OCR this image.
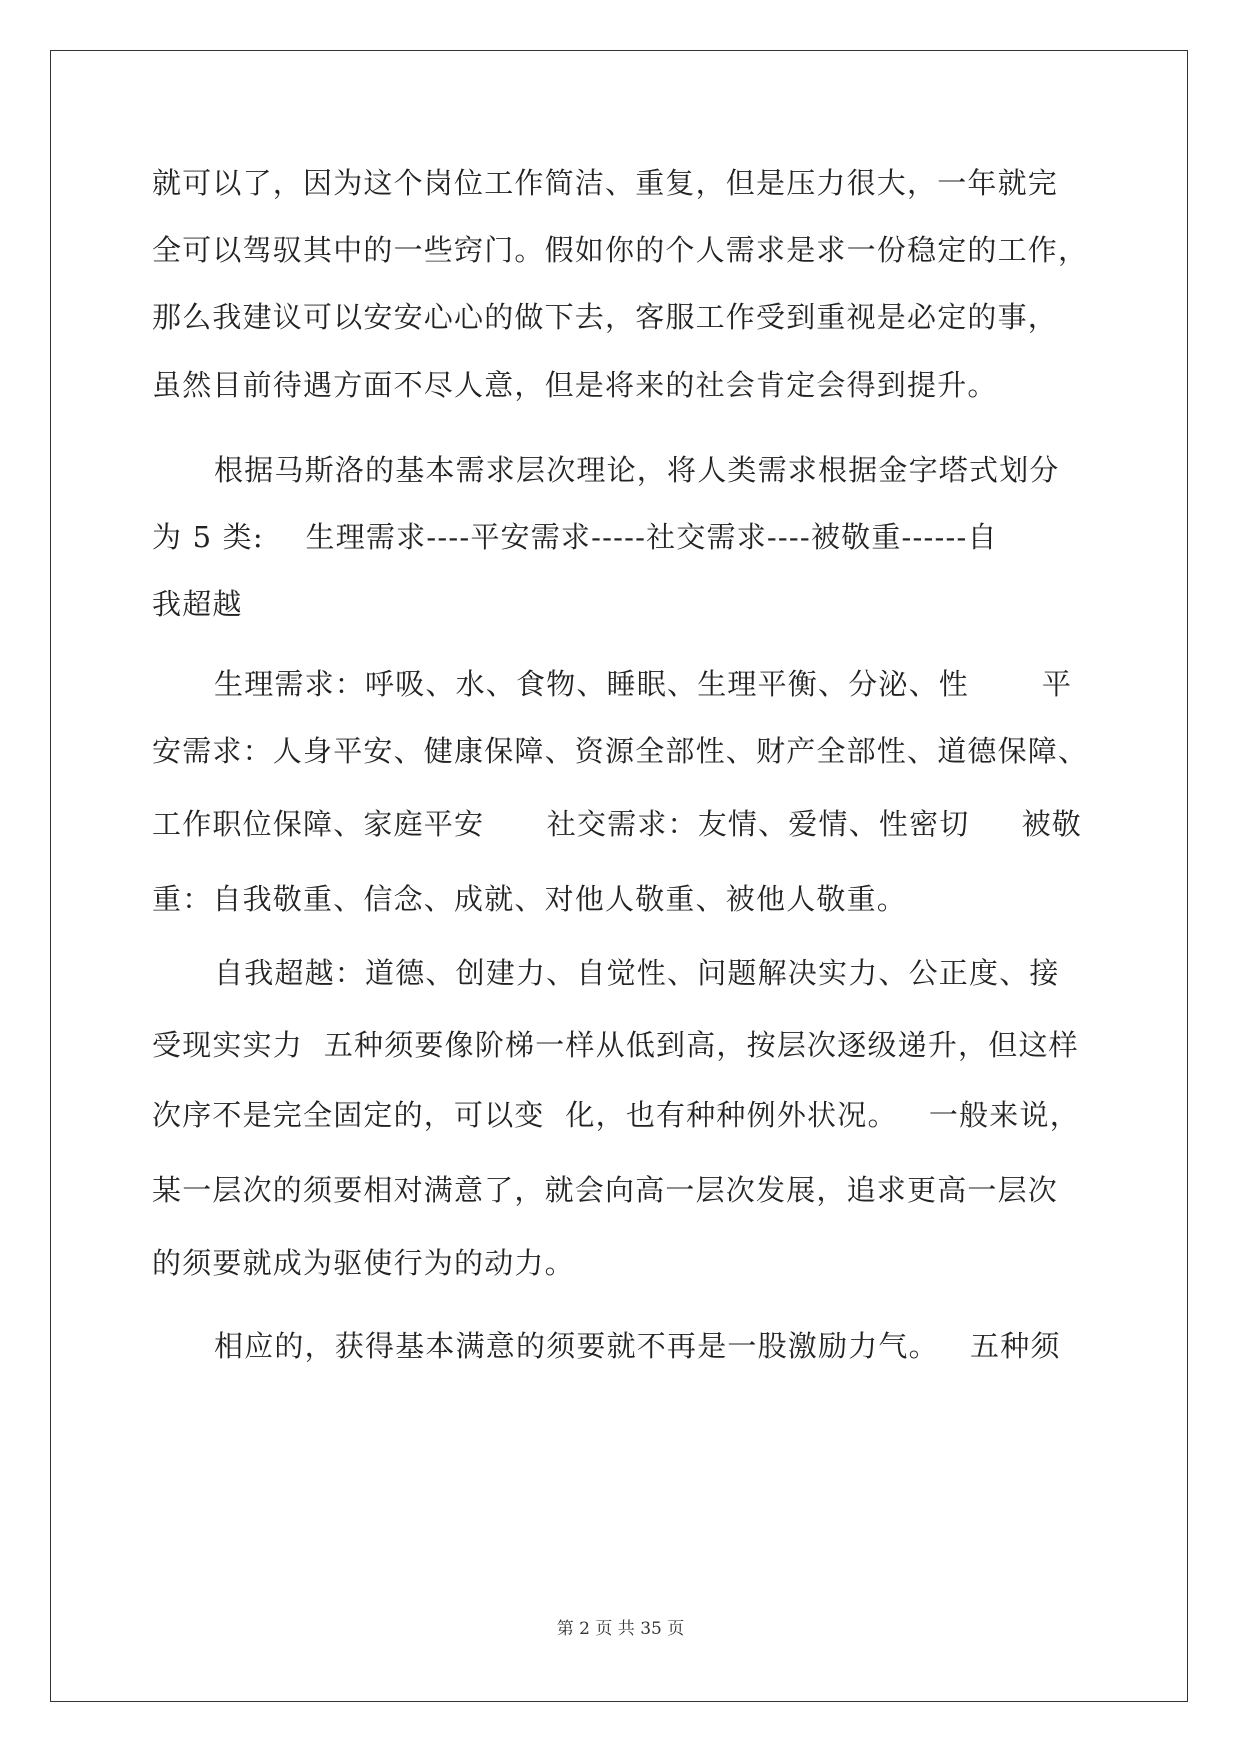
就可以了，因为这个岗位工作简洁、重复，但是压力很大，一年就完
全可以驾驭其中的一些窍门。假如你的个人需求是求一份稳定的工作，
那么我建议可以安安心心的做下去，客服工作受到重视是必定的事，
虽然目前待遇方面不尽人意，但是将来的社会肯定会得到提升。
根据马斯洛的基本需求层次理论，将人类需求根据金字塔式划分
为 5 类:    生理需求----平安需求-----社交需求----被敬重------自
我超越
生理需求：呼吸、水、食物、睡眠、生理平衡、分泌、性       平
安需求：人身平安、健康保障、资源全部性、财产全部性、道德保障、
工作职位保障、家庭平安      社交需求：友情、爱情、性密切     被敬
重：自我敬重、信念、成就、对他人敬重、被他人敬重。
自我超越：道德、创建力、自觉性、问题解决实力、公正度、接
受现实实力  五种须要像阶梯一样从低到高，按层次逐级递升，但这样
次序不是完全固定的，可以变  化，也有种种例外状况。   一般来说，
某一层次的须要相对满意了，就会向高一层次发展，追求更高一层次
的须要就成为驱使行为的动力。
相应的，获得基本满意的须要就不再是一股激励力气。   五种须
第 2 页 共 35 页
